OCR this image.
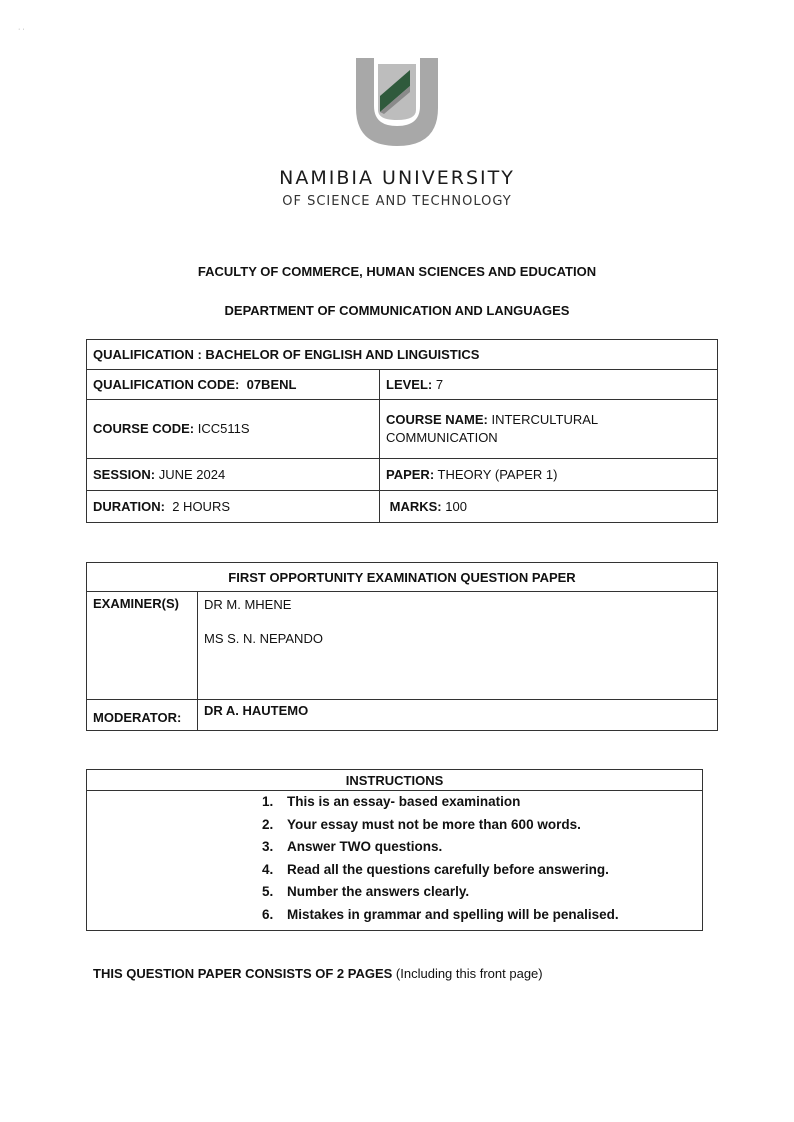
· ·
NAMIBIA UNIVERSITY
OF SCIENCE AND TECHNOLOGY
FACULTY OF COMMERCE, HUMAN SCIENCES AND EDUCATION
DEPARTMENT OF COMMUNICATION AND LANGUAGES
QUALIFICATION : BACHELOR OF ENGLISH AND LINGUISTICS	
QUALIFICATION CODE: 07BENL	LEVEL: 7
COURSE CODE: ICC511S	COURSE NAME: INTERCULTURAL
COMMUNICATION
SESSION: JUNE 2024	PAPER: THEORY (PAPER 1)
DURATION: 2 HOURS	MARKS: 100
FIRST OPPORTUNITY EXAMINATION QUESTION PAPER	
EXAMINER(S)	DR M. MHENE
MS S. N. NEPANDO

MODERATOR:	DR A. HAUTEMO
INSTRUCTIONS

1. This is an essay- based examination
2. Your essay must not be more than 600 words.
3. Answer TWO questions.
4. Read all the questions carefully before answering.
5. Number the answers clearly.
6. Mistakes in grammar and spelling will be penalised.
THIS QUESTION PAPER CONSISTS OF 2 PAGES (Including this front page)
